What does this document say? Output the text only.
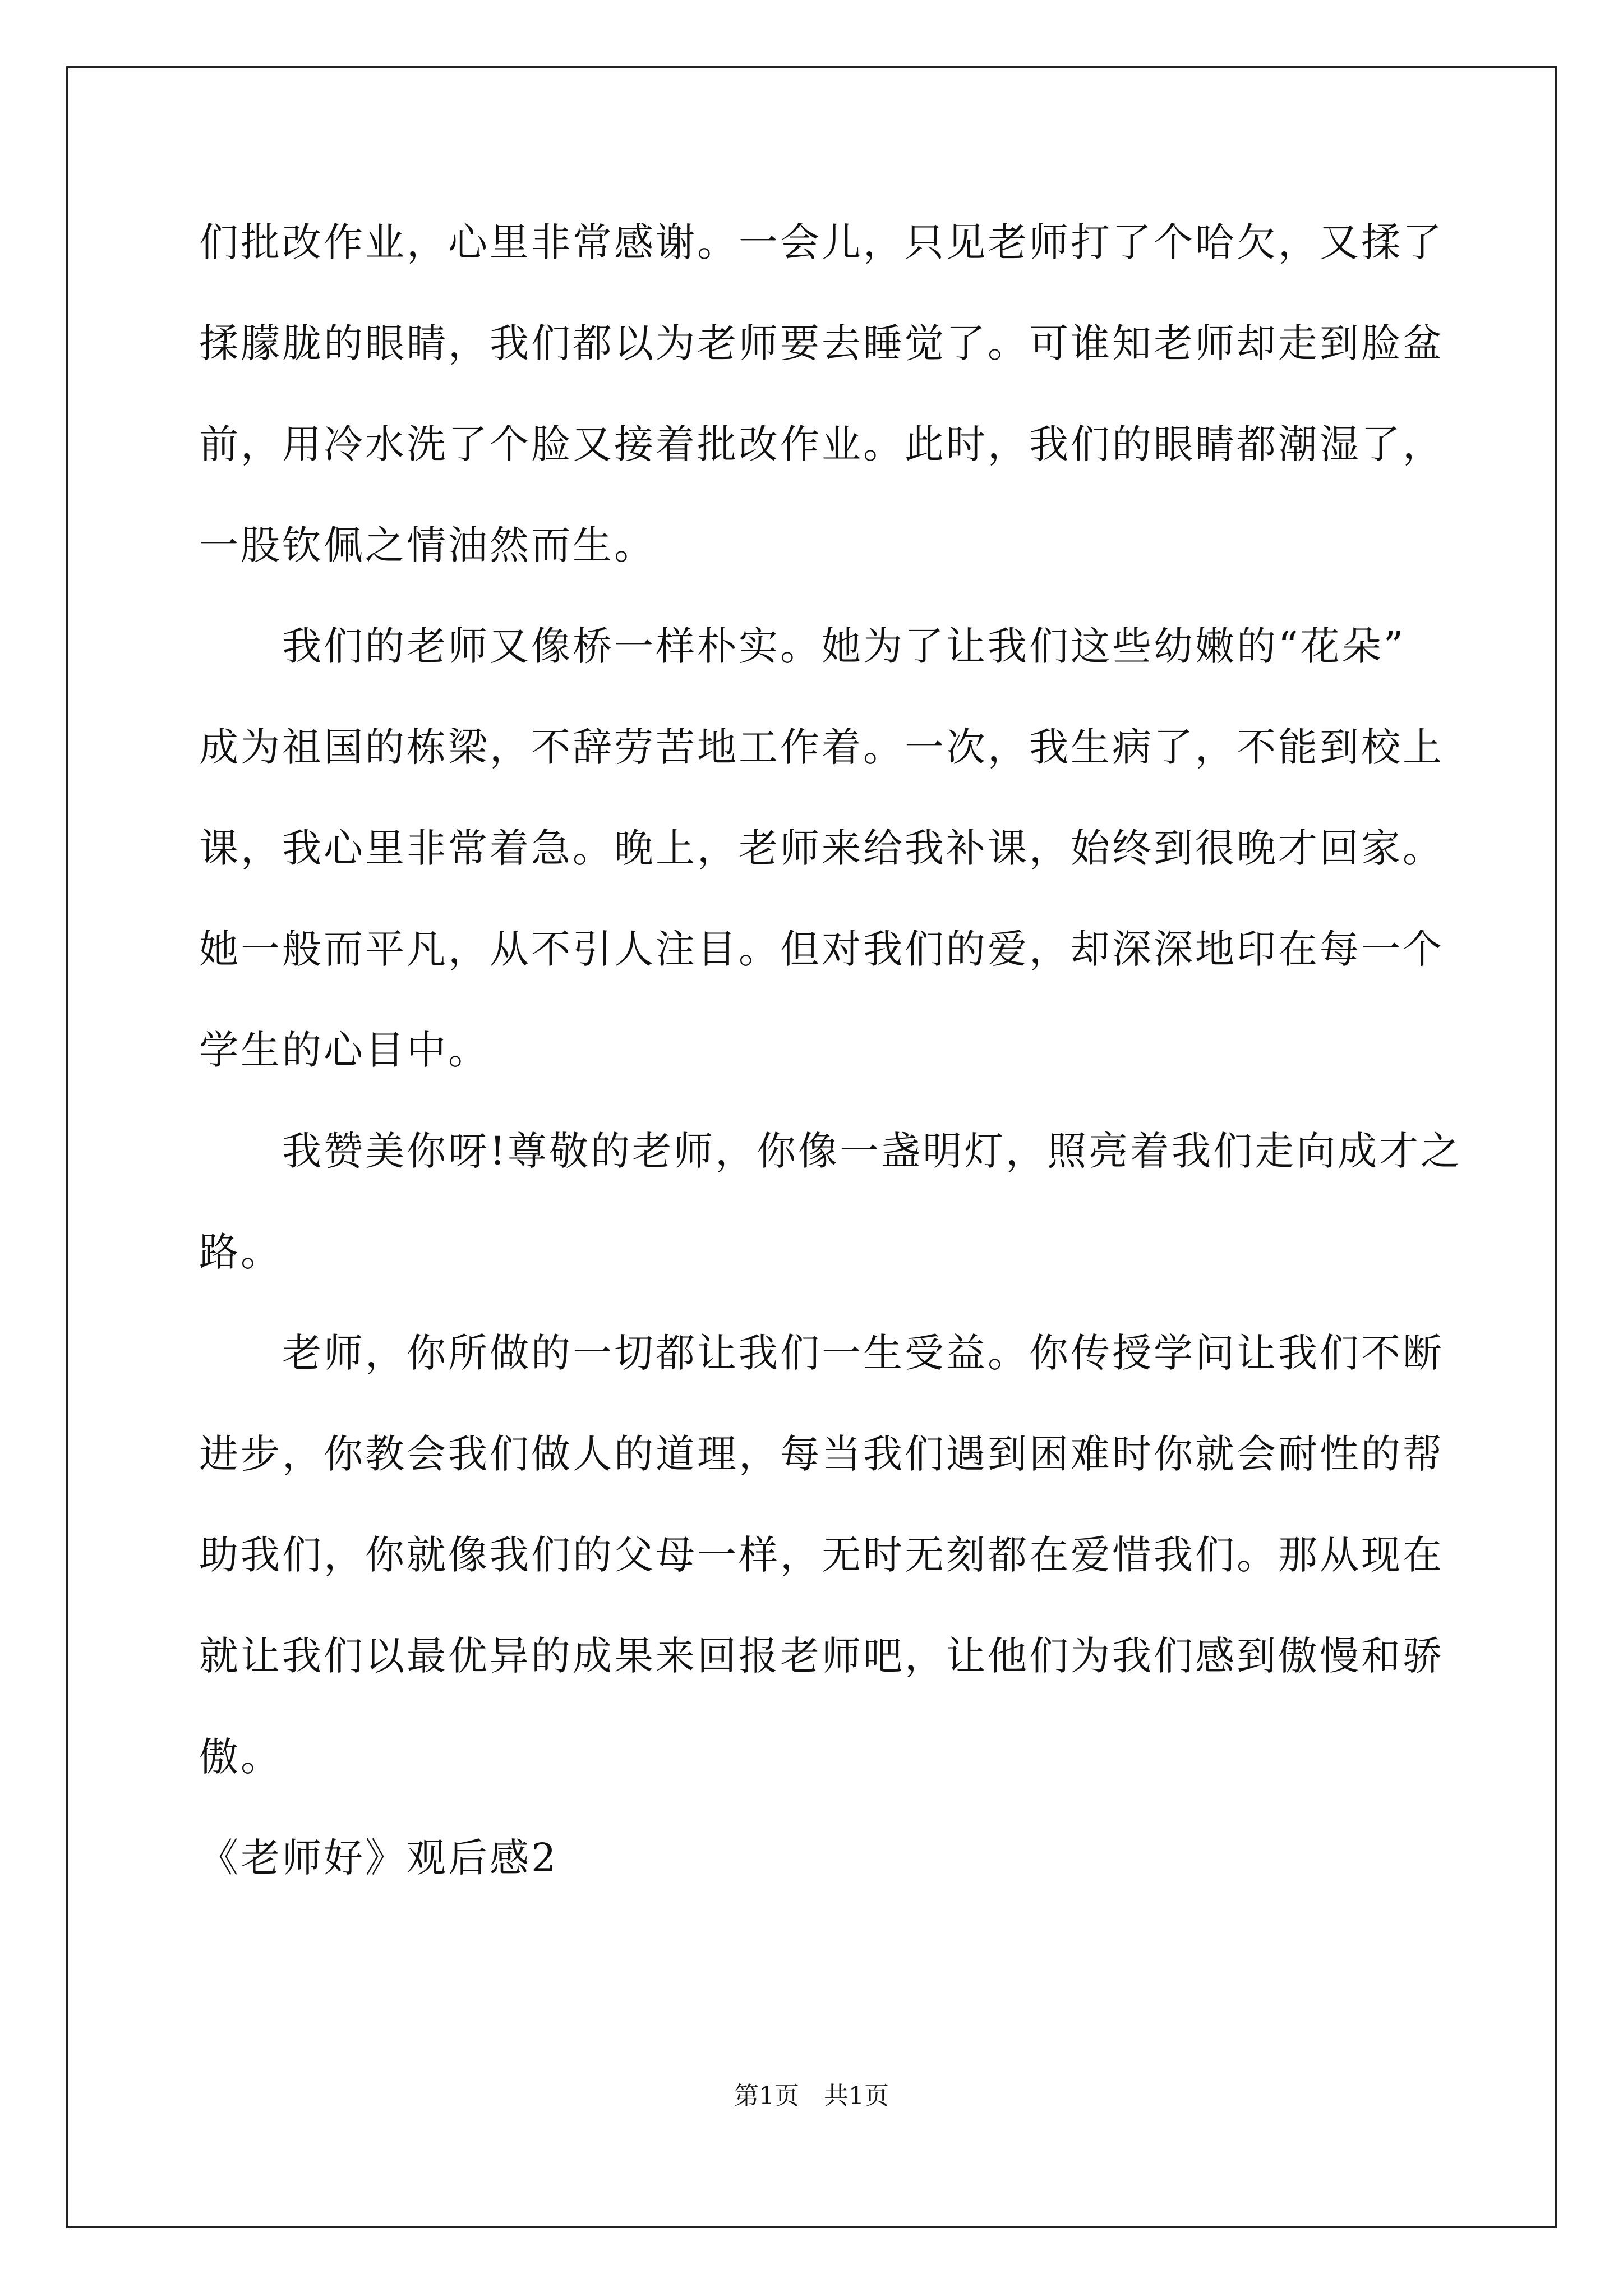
们批改作业，心里非常感谢。一会儿，只见老师打了个哈欠，又揉了
揉朦胧的眼睛，我们都以为老师要去睡觉了。可谁知老师却走到脸盆
前，用冷水洗了个脸又接着批改作业。此时，我们的眼睛都潮湿了，
一股钦佩之情油然而生。
　　我们的老师又像桥一样朴实。她为了让我们这些幼嫩的“花朵”
成为祖国的栋梁，不辞劳苦地工作着。一次，我生病了，不能到校上
课，我心里非常着急。晚上，老师来给我补课，始终到很晚才回家。
她一般而平凡，从不引人注目。但对我们的爱，却深深地印在每一个
学生的心目中。
　　我赞美你呀!尊敬的老师，你像一盏明灯，照亮着我们走向成才之
路。
　　老师，你所做的一切都让我们一生受益。你传授学问让我们不断
进步，你教会我们做人的道理，每当我们遇到困难时你就会耐性的帮
助我们，你就像我们的父母一样，无时无刻都在爱惜我们。那从现在
就让我们以最优异的成果来回报老师吧，让他们为我们感到傲慢和骄
傲。
《老师好》观后感2
第1页　共1页
